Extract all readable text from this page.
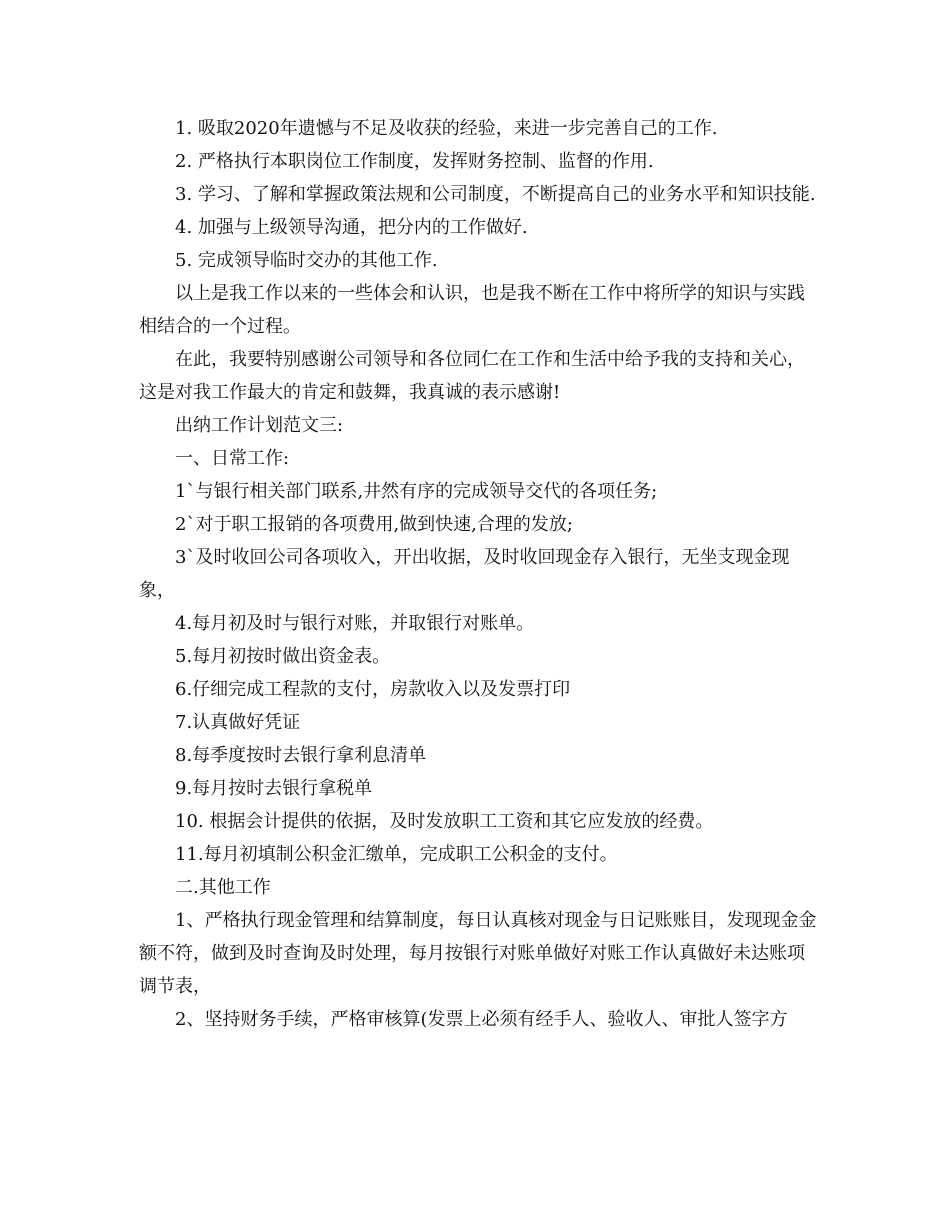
1. 吸取2020年遗憾与不足及收获的经验，来进一步完善自己的工作.

2. 严格执行本职岗位工作制度，发挥财务控制、监督的作用.

3. 学习、了解和掌握政策法规和公司制度，不断提高自己的业务水平和知识技能.

4. 加强与上级领导沟通，把分内的工作做好.

5. 完成领导临时交办的其他工作.

以上是我工作以来的一些体会和认识，也是我不断在工作中将所学的知识与实践相结合的一个过程。

在此，我要特别感谢公司领导和各位同仁在工作和生活中给予我的支持和关心，这是对我工作最大的肯定和鼓舞，我真诚的表示感谢!

出纳工作计划范文三:

一、日常工作:

1`与银行相关部门联系,井然有序的完成领导交代的各项任务;

2`对于职工报销的各项费用,做到快速,合理的发放;

3`及时收回公司各项收入，开出收据，及时收回现金存入银行，无坐支现金现象，

4.每月初及时与银行对账，并取银行对账单。

5.每月初按时做出资金表。

6.仔细完成工程款的支付，房款收入以及发票打印

7.认真做好凭证

8.每季度按时去银行拿利息清单

9.每月按时去银行拿税单

10. 根据会计提供的依据，及时发放职工工资和其它应发放的经费。

11.每月初填制公积金汇缴单，完成职工公积金的支付。

二.其他工作

1、严格执行现金管理和结算制度，每日认真核对现金与日记账账目，发现现金金额不符，做到及时查询及时处理，每月按银行对账单做好对账工作认真做好未达账项调节表，

2、坚持财务手续，严格审核算(发票上必须有经手人、验收人、审批人签字方
